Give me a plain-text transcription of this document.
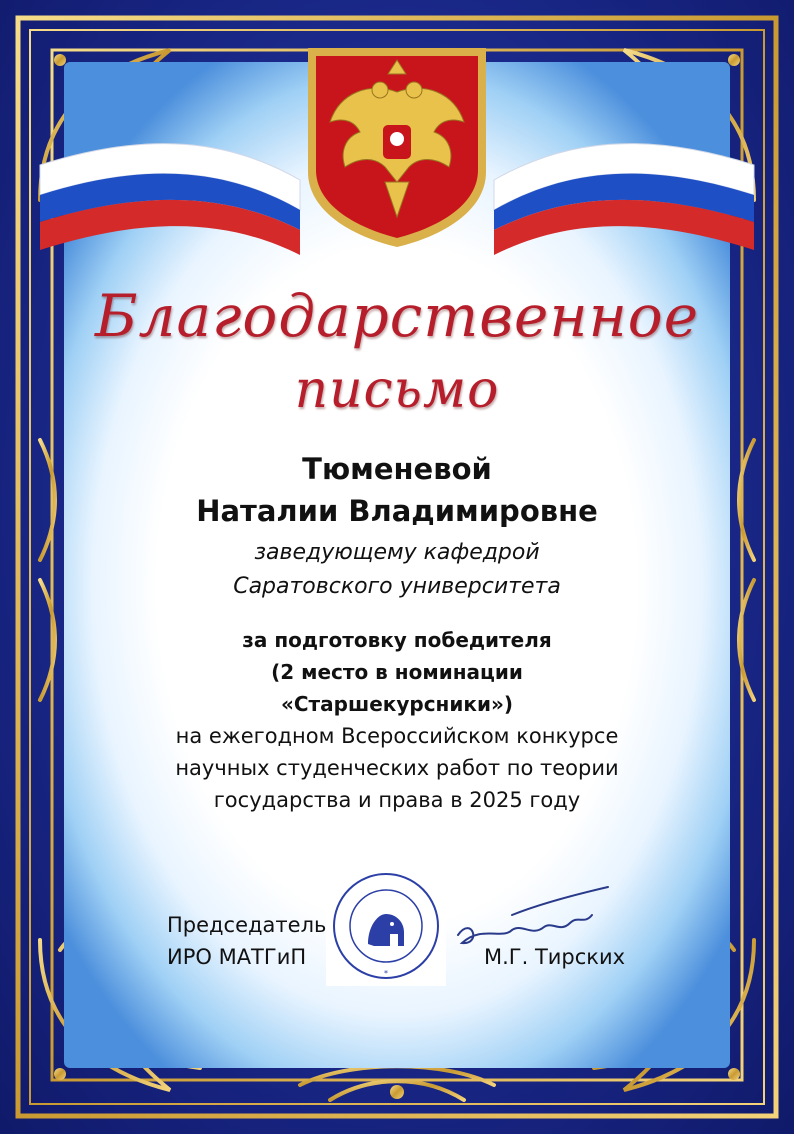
Благодарственное
письмо
Тюменевой
Наталии Владимировне
заведующему кафедрой
Саратовского университета
за подготовку победителя
(2 место в номинации
«Старшекурсники»)
на ежегодном Всероссийском конкурсе
научных студенческих работ по теории
государства и права в 2025 году
Председатель
ИРО МАТГиП	М.Г. Тирских
*
